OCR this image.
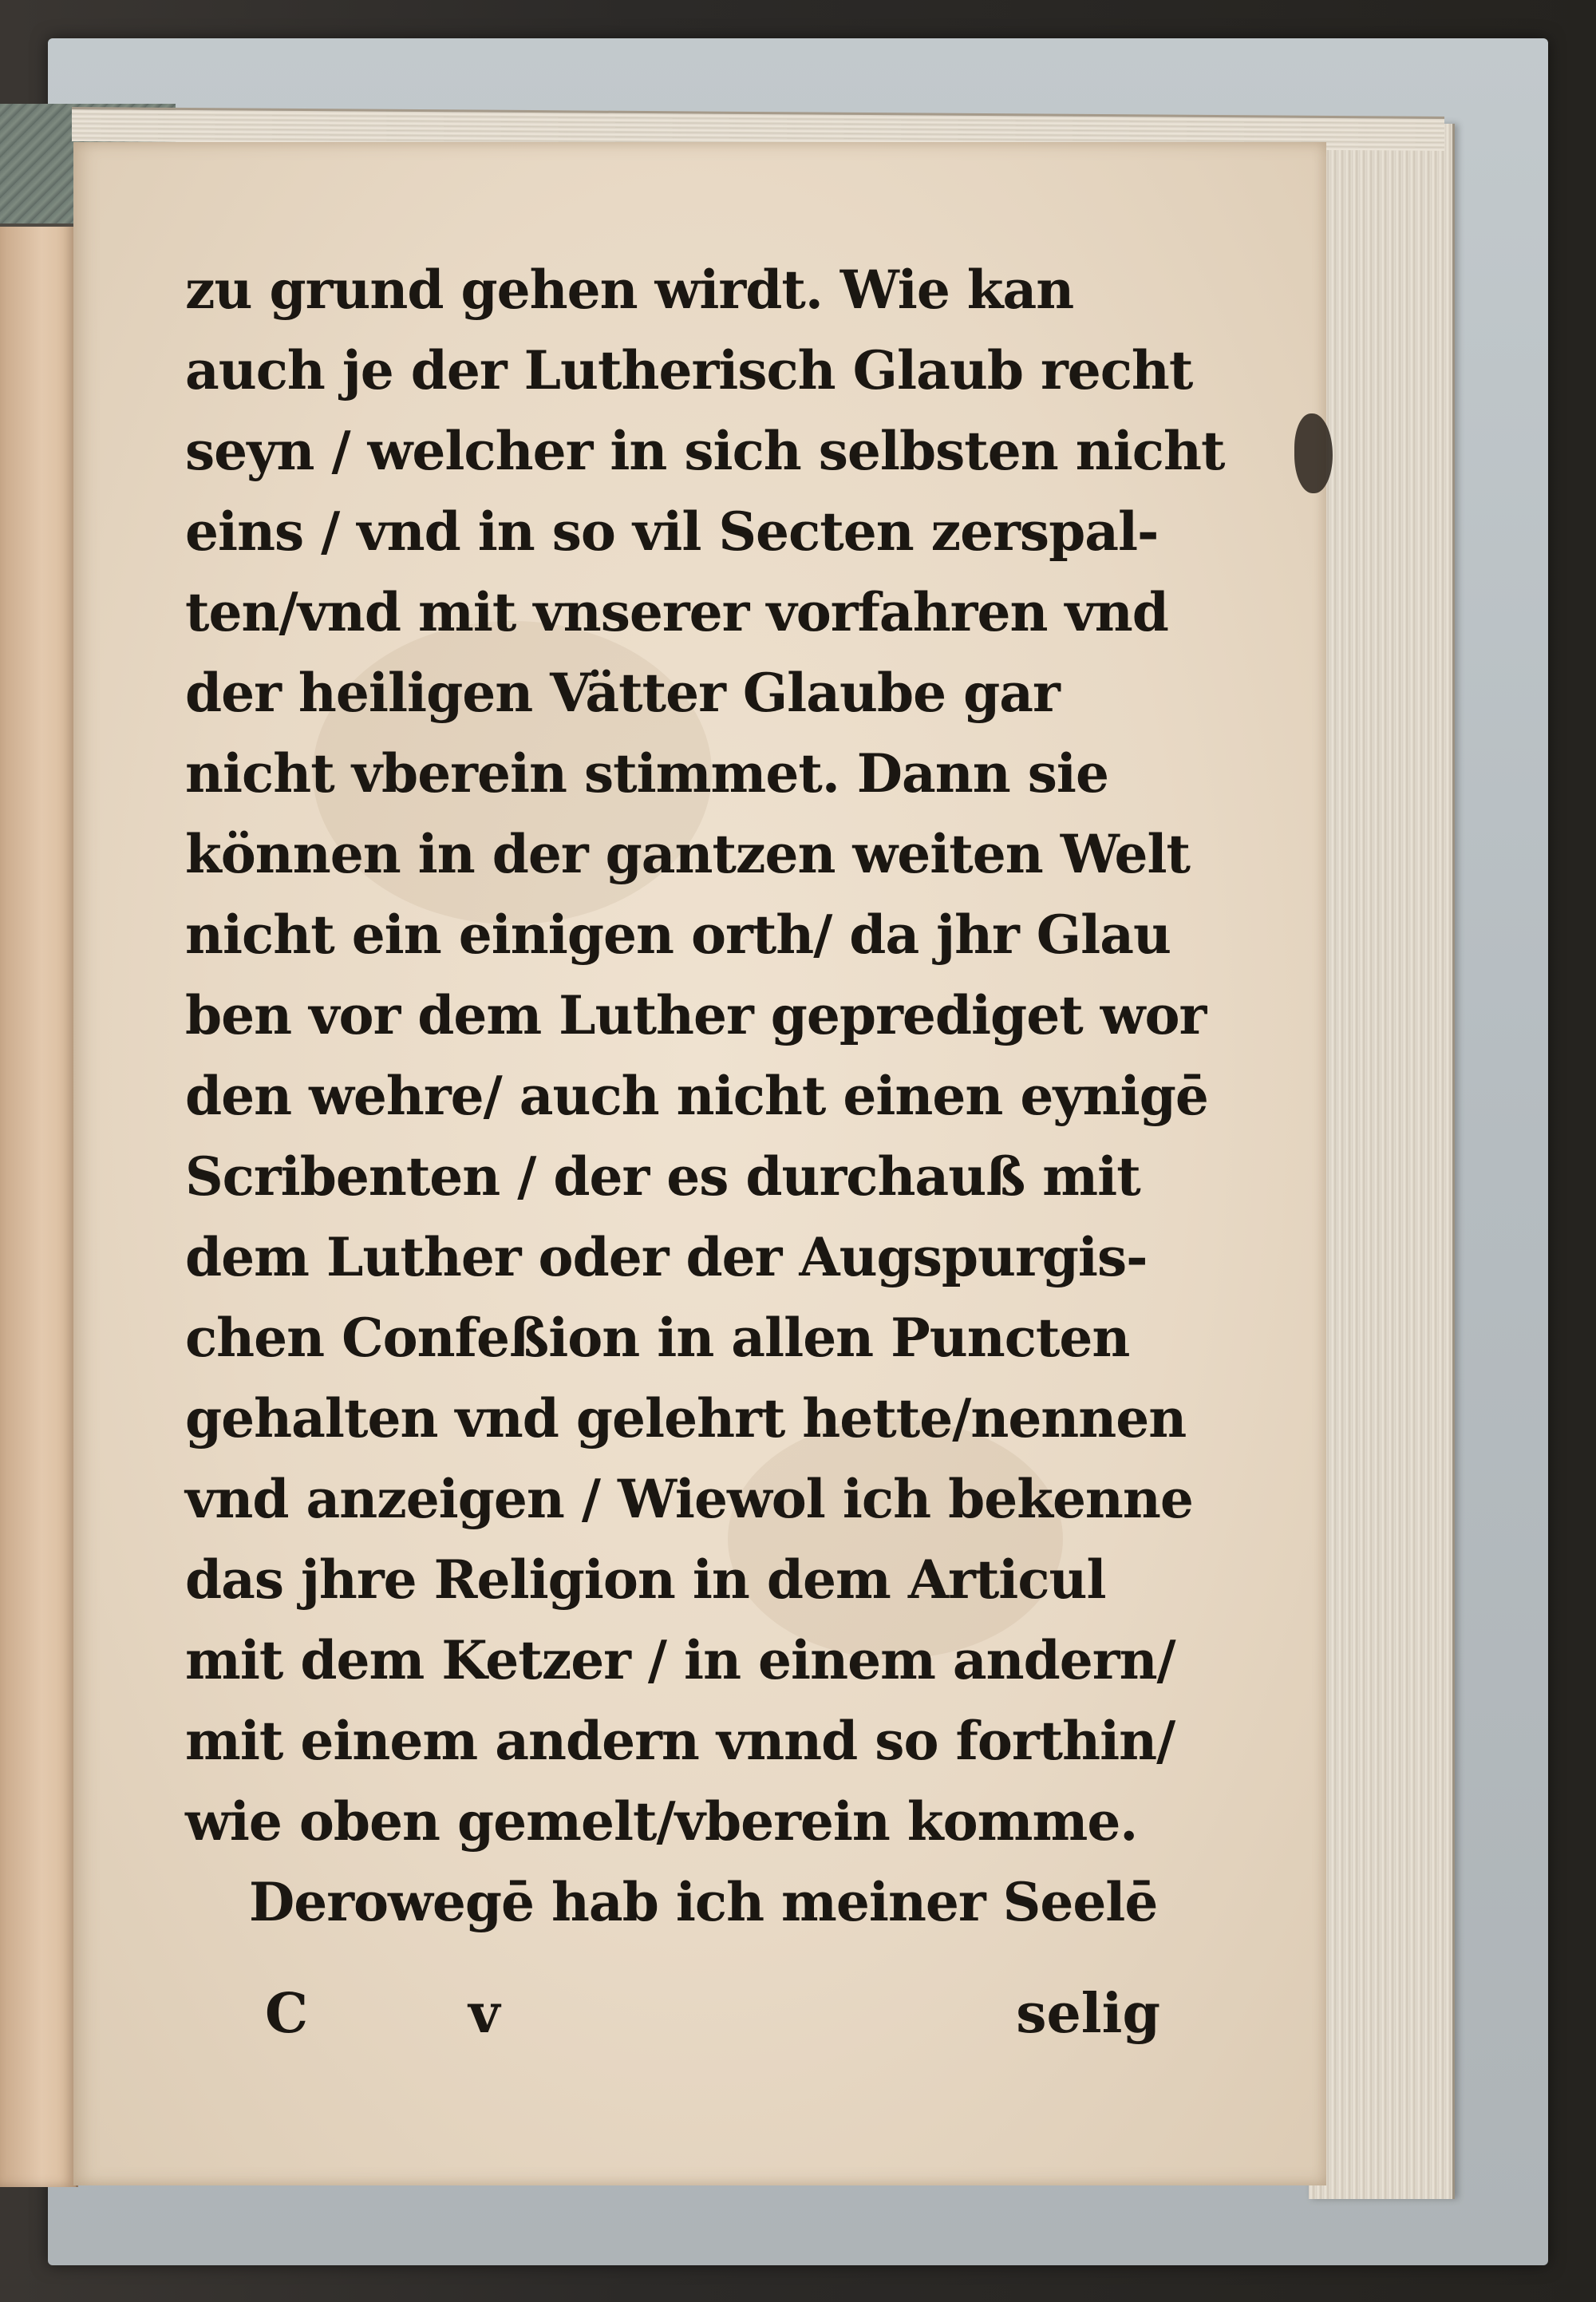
zu grund gehen wirdt. Wie kan
auch je der Lutherisch Glaub recht
seyn / welcher in sich selbsten nicht
eins / vnd in so vil Secten zerspal-
ten/vnd mit vnserer vorfahren vnd
der heiligen Vätter Glaube gar
nicht vberein stimmet. Dann sie
können in der gantzen weiten Welt
nicht ein einigen orth/ da jhr Glau
ben vor dem Luther geprediget wor
den wehre/ auch nicht einen eynigē
Scribenten / der es durchauß mit
dem Luther oder der Augspurgis-
chen Confeßion in allen Puncten
gehalten vnd gelehrt hette/nennen
vnd anzeigen / Wiewol ich bekenne
das jhre Religion in dem Articul
mit dem Ketzer / in einem andern/
mit einem andern vnnd so forthin/
wie oben gemelt/vberein komme.
Derowegē hab ich meiner Seelē
C	v	selig
